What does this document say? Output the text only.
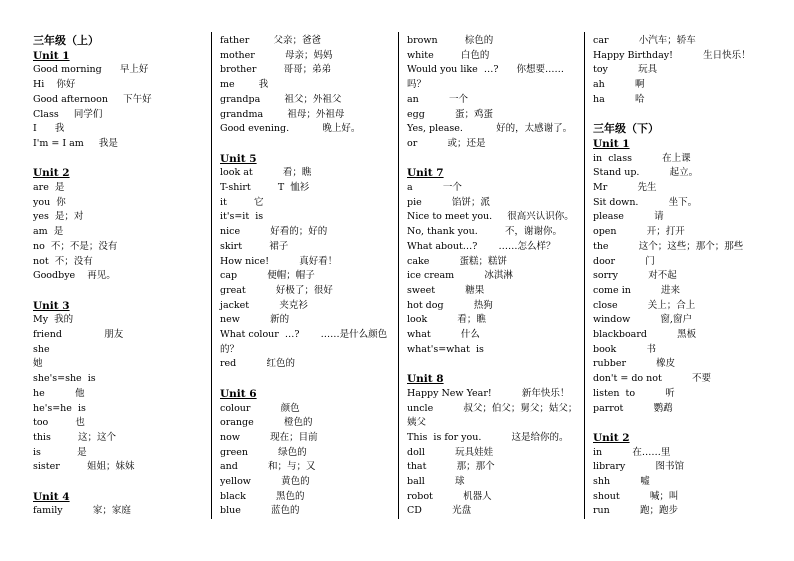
三年级（上）
Unit 1
Good morning      早上好
Hi    你好
Good afternoon     下午好
Class     同学们
I      我
I'm = I am     我是
Unit 2
are  是
you  你
yes  是；对
am  是
no  不；不是；没有
not  不；没有
Goodbye    再见。
Unit 3
My  我的
friend              朋友
she
她
she's=she  is
he          他
he's=he  is
too         也
this         这；这个
is            是
sister         姐姐；妹妹
Unit 4
family          家；家庭
father        父亲；爸爸
mother          母亲；妈妈
brother         哥哥；弟弟
me        我
grandpa        祖父；外祖父
grandma        祖母；外祖母
Good evening.           晚上好。
Unit 5
look at          看；瞧
T-shirt         T  恤衫
it         它
it's=it  is
nice          好看的；好的
skirt         裙子
How nice!          真好看！
cap          便帽；帽子
great          好极了；很好
jacket          夹克衫
new          新的
What colour  …?       ……是什么颜色的？
red          红色的
Unit 6
colour          颜色
orange          橙色的
now          现在；目前
green          绿色的
and          和；与；又
yellow          黄色的
black          黑色的
blue          蓝色的
brown         棕色的
white         白色的
Would you like  …?      你想要……吗？
an          一个
egg          蛋；鸡蛋
Yes, please.           好的，太感谢了。
or          或；还是
Unit 7
a          一个
pie          馅饼；派
Nice to meet you.     很高兴认识你。
No, thank you.         不，谢谢你。
What about…?       ……怎么样？
cake          蛋糕；糕饼
ice cream          冰淇淋
sweet          糖果
hot dog          热狗
look          看；瞧
what          什么
what's=what  is
Unit 8
Happy New Year!          新年快乐！
uncle          叔父；伯父；舅父；姑父；姨父
This  is for you.          这是给你的。
doll          玩具娃娃
that          那；那个
ball          球
robot          机器人
CD          光盘
car          小汽车；轿车
Happy Birthday!          生日快乐！
toy          玩具
ah          啊
ha          哈
三年级（下）
Unit 1
in  class          在上课
Stand up.          起立。
Mr          先生
Sit down.          坐下。
please          请
open          开；打开
the          这个；这些；那个；那些
door          门
sorry          对不起
come in          进来
close          关上；合上
window          窗,窗户
blackboard          黑板
book          书
rubber          橡皮
don't = do not          不要
listen  to          听
parrot          鹦鹉
Unit 2
in          在……里
library          图书馆
shh          嘘
shout          喊；叫
run          跑；跑步
